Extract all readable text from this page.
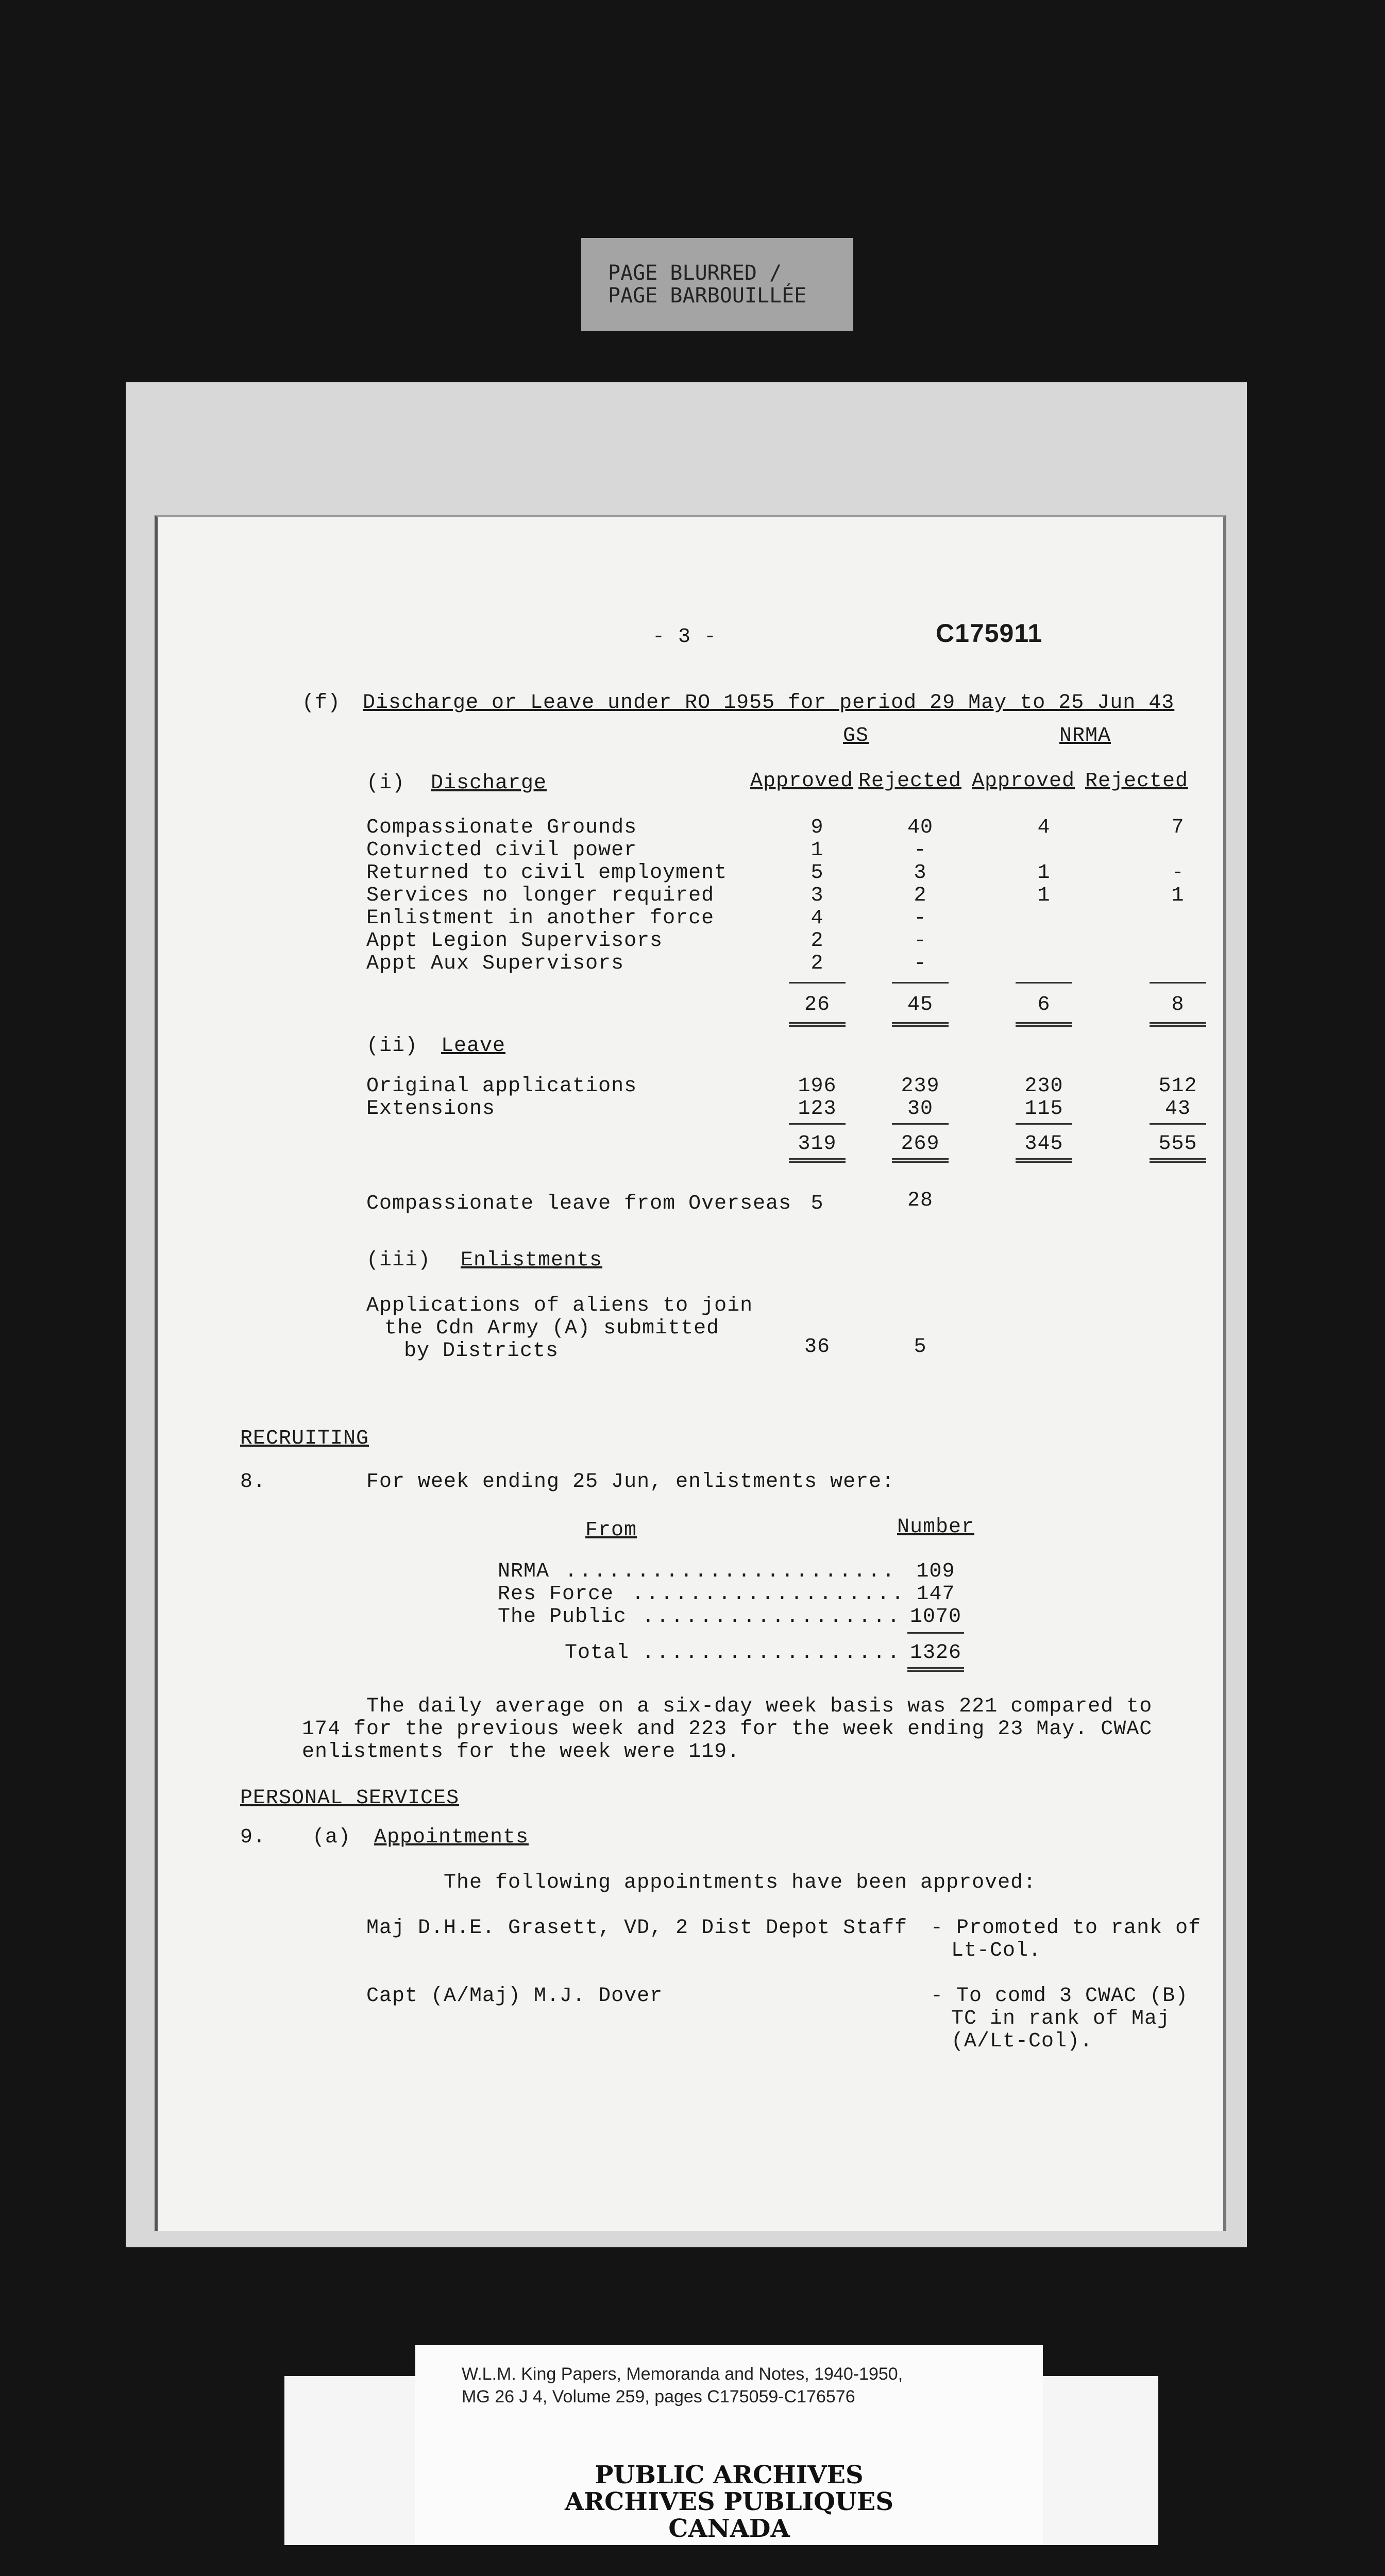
PAGE BLURRED /
PAGE BARBOUILLÉE
- 3 -	C175911
(f) Discharge or Leave under RO 1955 for period 29 May to 25 Jun 43
GS	NRMA
Approved Rejected Approved Rejected
(i) Discharge
Compassionate Grounds	9	40	4	7
Convicted civil power	1	-
Returned to civil employment	5	3	1	-
Services no longer required	3	2	1	1
Enlistment in another force	4	-
Appt Legion Supervisors	2	-
Appt Aux Supervisors	2	-
26	45	6	8
(ii) Leave
Original applications	196	239	230	512
Extensions	123	30	115	43
319	269	345	555
Compassionate leave from Overseas 5	28
(iii) Enlistments
Applications of aliens to join
the Cdn Army (A) submitted
by Districts	36	5
RECRUITING
8.	For week ending 25 Jun, enlistments were:
From	Number
NRMA ....................... 109
Res Force ................... 147
The Public .................. 1070
Total .................. 1326
The daily average on a six-day week basis was 221 compared to
174 for the previous week and 223 for the week ending 23 May. CWAC
enlistments for the week were 119.
PERSONAL SERVICES
9. (a) Appointments
The following appointments have been approved:
Maj D.H.E. Grasett, VD, 2 Dist Depot Staff - Promoted to rank of
Lt-Col.
Capt (A/Maj) M.J. Dover	- To comd 3 CWAC (B)
TC in rank of Maj
(A/Lt-Col).
PUBLIC ARCHIVES
ARCHIVES PUBLIQUES
CANADA
W.L.M. King Papers, Memoranda and Notes, 1940-1950,
MG 26 J 4, Volume 259, pages C175059-C176576
